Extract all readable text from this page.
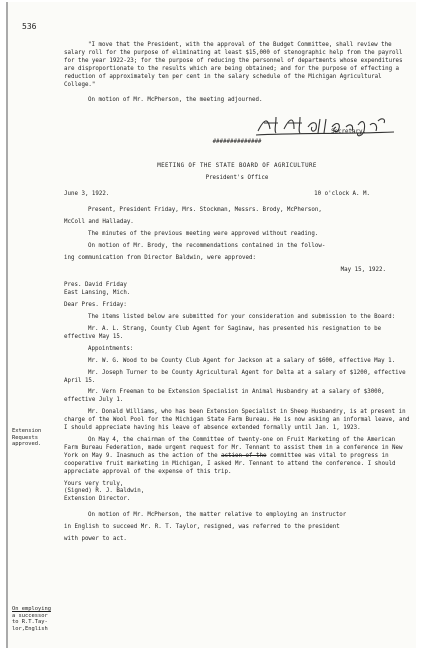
536
Extension
Requests
approved.
On employing
a successor
to R.T.Tay-
lor,English

"I move that the President, with the approval of the Budget Committee, shall review the salary roll for the purpose of eliminating at least $15,000 of stenographic help from the payroll for the year 1922-23; for the purpose of reducing the personnel of departments whose expenditures are disproportionate to the results which are being obtained; and for the purpose of effecting a reduction of approximately ten per cent in the salary schedule of the Michigan Agricultural College."

On motion of Mr. McPherson, the meeting adjourned.

Secretary.

##############

MEETING OF THE STATE BOARD OF AGRICULTURE

President's Office

June 3, 1922.	10 o'clock A. M.

Present, President Friday, Mrs. Stockman, Messrs. Brody, McPherson,

McColl and Halladay.

The minutes of the previous meeting were approved without reading.

On motion of Mr. Brody, the recommendations contained in the follow-

ing communication from Director Baldwin, were approved:

May 15, 1922.

Pres. David Friday

East Lansing, Mich.

Dear Pres. Friday:

The items listed below are submitted for your consideration and submission to the Board:

Mr. A. L. Strang, County Club Agent for Saginaw, has presented his resignation to be effective May 15.

Appointments:

Mr. W. G. Wood to be County Club Agent for Jackson at a salary of $600, effective May 1.

Mr. Joseph Turner to be County Agricultural Agent for Delta at a salary of $1200, effective April 15.

Mr. Vern Freeman to be Extension Specialist in Animal Husbandry at a salary of $3000, effective July 1.

Mr. Donald Williams, who has been Extension Specialist in Sheep Husbandry, is at present in charge of the Wool Pool for the Michigan State Farm Bureau. He is now asking an informal leave, and I should appreciate having his leave of absence extended formally until Jan. 1, 1923.

On May 4, the chairman of the Committee of twenty-one on Fruit Marketing of the American Farm Bureau Federation, made urgent request for Mr. Tennant to assist them in a conference in New York on May 9. Inasmuch as the action of the action of the committee was vital to progress in cooperative fruit marketing in Michigan, I asked Mr. Tennant to attend the conference. I should appreciate approval of the expense of this trip.

Yours very truly,

(Signed) R. J. Baldwin,

Extension Director.

On motion of Mr. McPherson, the matter relative to employing an instructor

in English to succeed Mr. R. T. Taylor, resigned, was referred to the president

with power to act.
